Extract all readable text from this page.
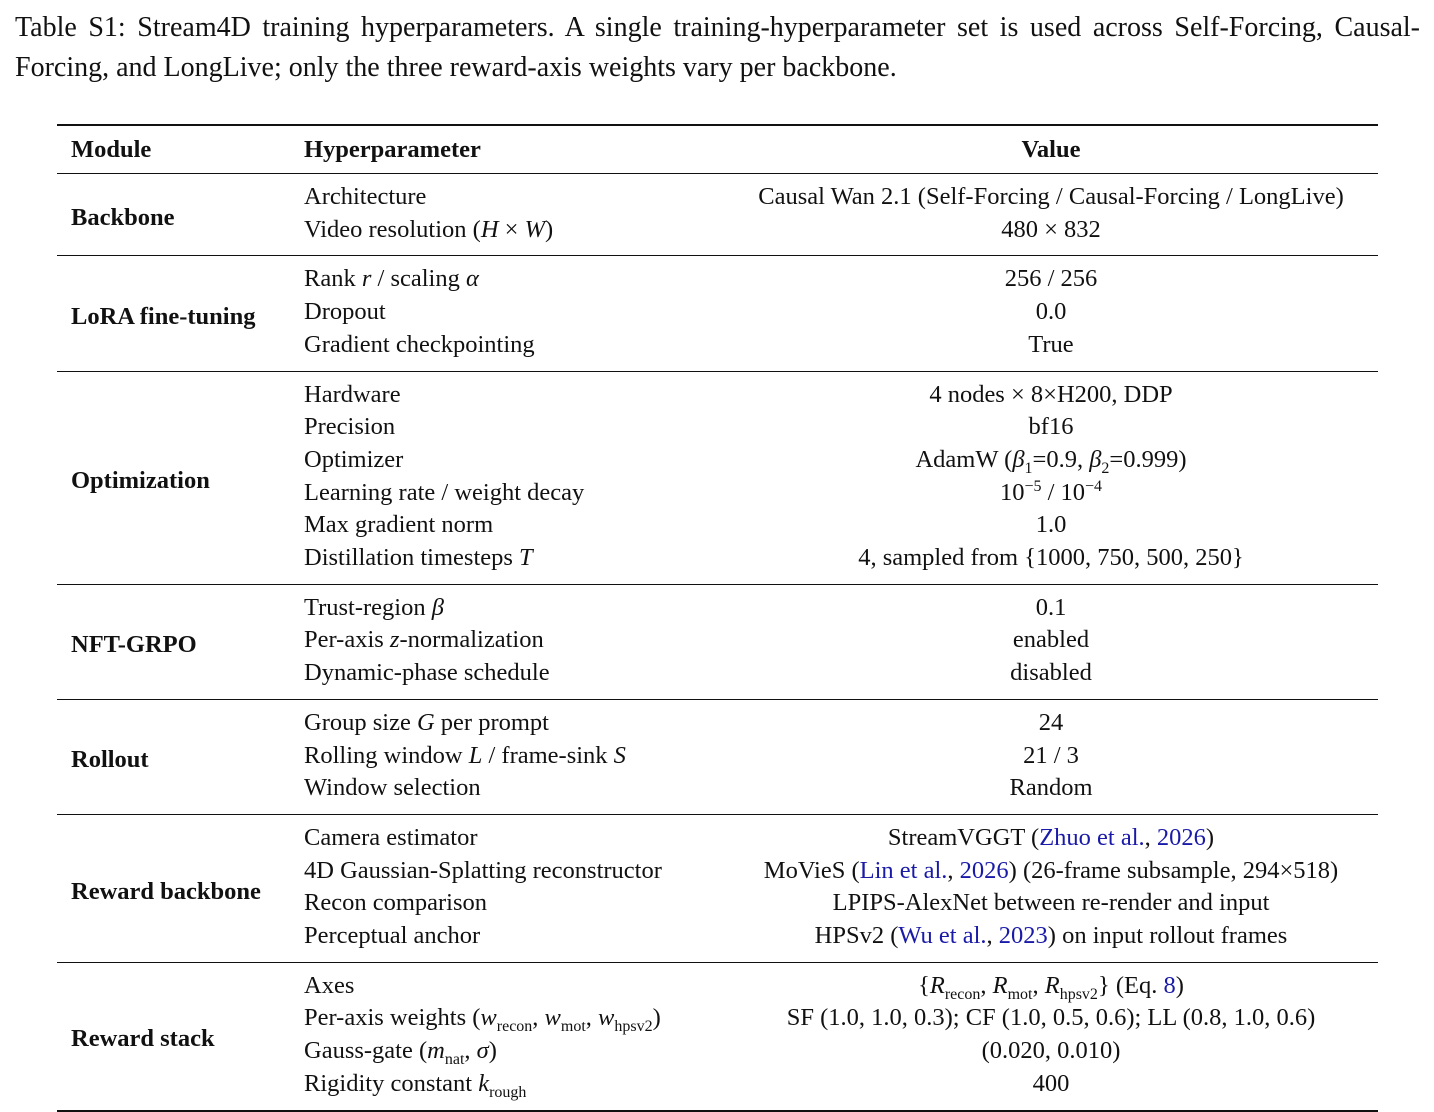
Table S1: Stream4D training hyperparameters. A single training-hyperparameter set is used across Self-Forcing, Causal-Forcing, and LongLive; only the three reward-axis weights vary per backbone.
Module	Hyperparameter	Value
Backbone	Architecture	Causal Wan 2.1 (Self-Forcing / Causal-Forcing / LongLive)
	Video resolution (H × W)	480 × 832
LoRA fine-tuning	Rank r / scaling α	256 / 256
	Dropout	0.0
	Gradient checkpointing	True
Optimization	Hardware	4 nodes × 8×H200, DDP
	Precision	bf16
	Optimizer	AdamW ($\beta_1=0.9$, $\beta_2=0.999$)
	Learning rate / weight decay	$10^{-5} / 10^{-4}$
	Max gradient norm	1.0
	Distillation timesteps T	4, sampled from {1000, 750, 500, 250}
NFT-GRPO	Trust-region β	0.1
	Per-axis z-normalization	enabled
	Dynamic-phase schedule	disabled
Rollout	Group size G per prompt	24
	Rolling window L / frame-sink S	21 / 3
	Window selection	Random
Reward backbone	Camera estimator	StreamVGGT (Zhuo et al., 2026)
	4D Gaussian-Splatting reconstructor	MoVieS (Lin et al., 2026) (26-frame subsample, 294×518)
	Recon comparison	LPIPS-AlexNet between re-render and input
	Perceptual anchor	HPSv2 (Wu et al., 2023) on input rollout frames
Reward stack	Axes	{$R_{recon}$, $R_{mot}$, $R_{hpsv2}$} (Eq. 8)
	Per-axis weights ($w_{recon}$, $w_{mot}$, $w_{hpsv2}$)	SF (1.0, 1.0, 0.3); CF (1.0, 0.5, 0.6); LL (0.8, 1.0, 0.6)
	Gauss-gate ($m_{nat}$, σ)	(0.020, 0.010)
	Rigidity constant $k_{rough}$	400
